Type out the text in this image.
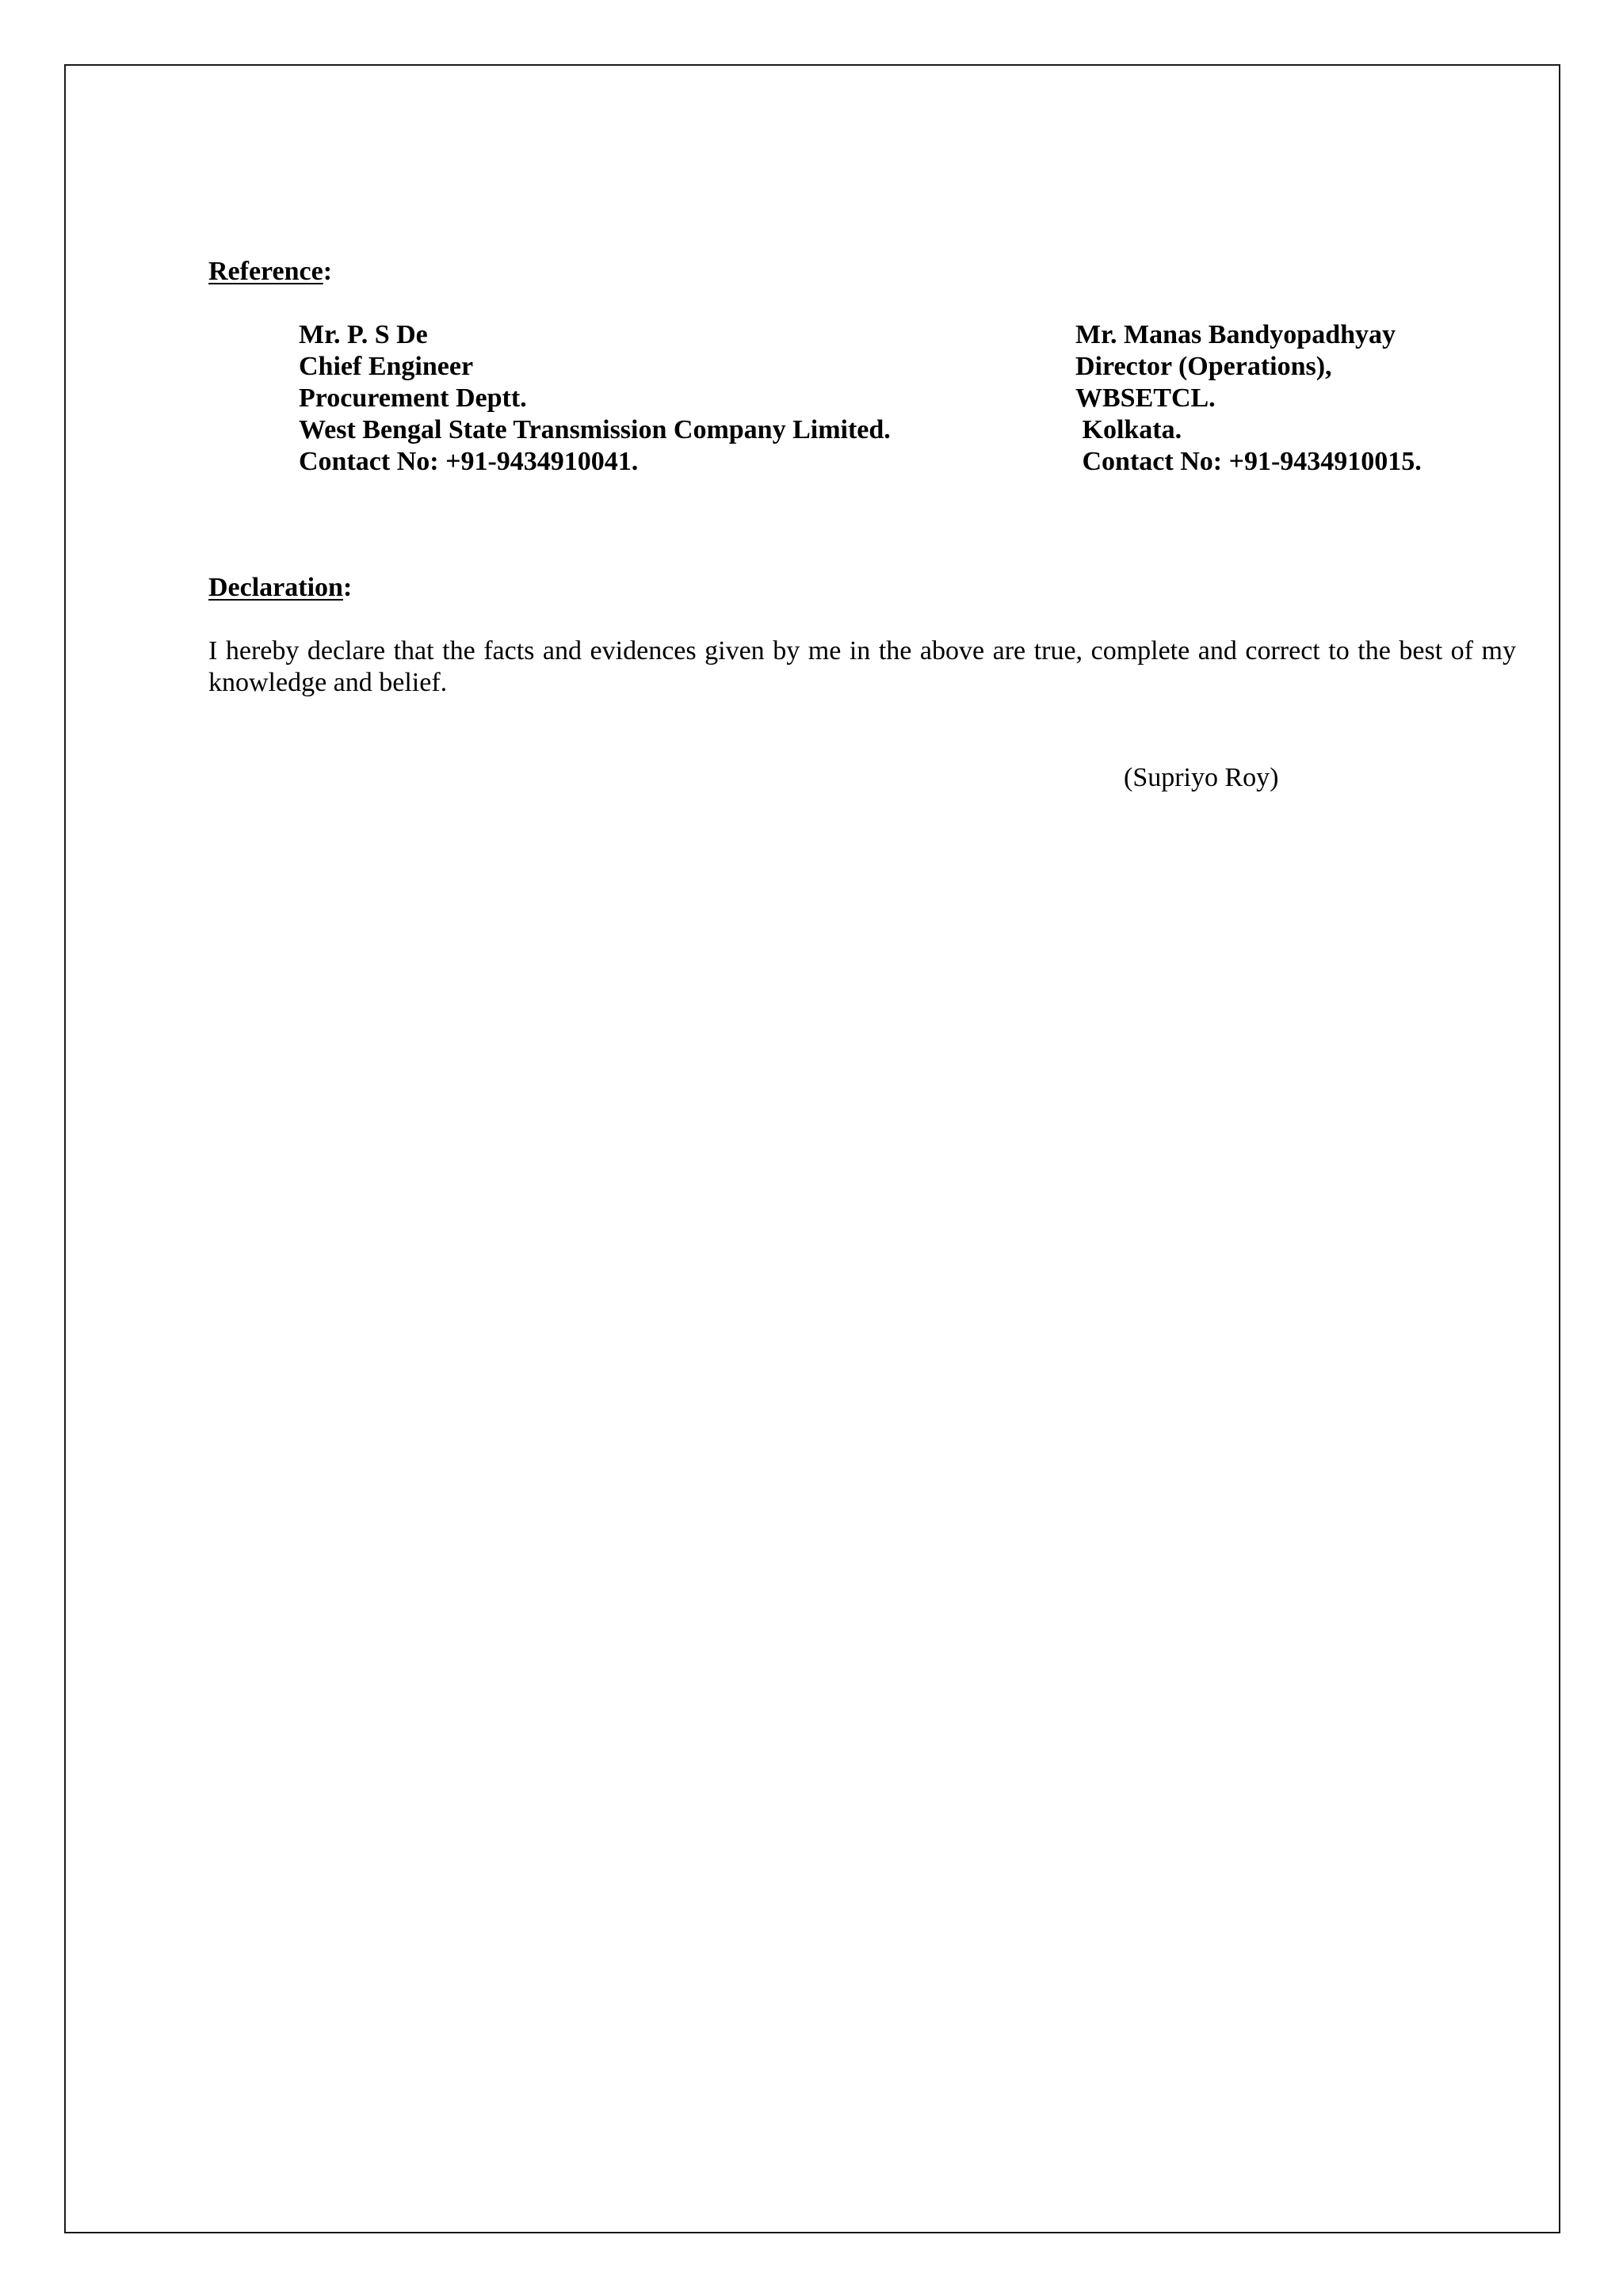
Reference:
Mr. P. S De
Chief Engineer
Procurement Deptt.
West Bengal State Transmission Company Limited.
Contact No: +91-9434910041.
Mr. Manas Bandyopadhyay
Director (Operations),
WBSETCL.
Kolkata.
Contact No: +91-9434910015.
Declaration:
I hereby declare that the facts and evidences given by me in the above are true, complete and correct to the best of my knowledge and belief.
(Supriyo Roy)
